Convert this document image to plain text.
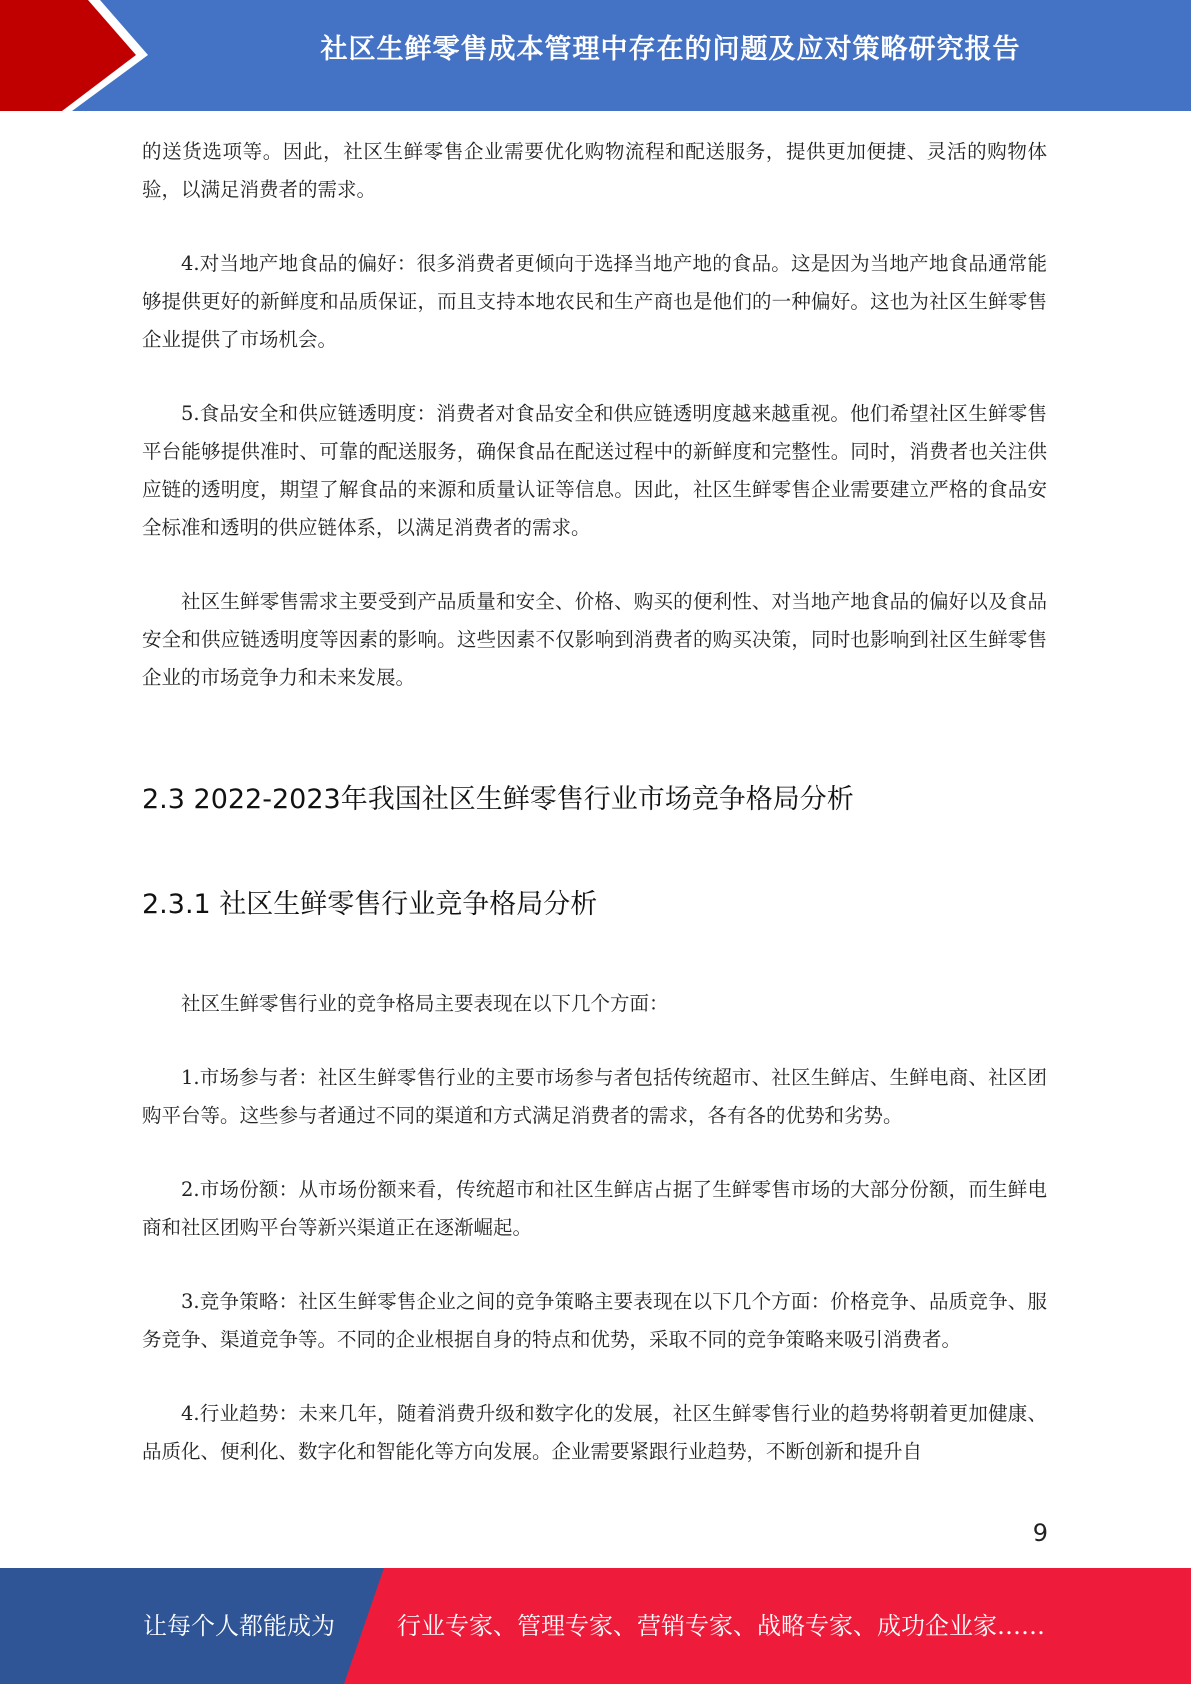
社区生鲜零售成本管理中存在的问题及应对策略研究报告

的送货选项等。因此，社区生鲜零售企业需要优化购物流程和配送服务，提供更加便捷、灵活的购物体验，以满足消费者的需求。

4.对当地产地食品的偏好：很多消费者更倾向于选择当地产地的食品。这是因为当地产地食品通常能够提供更好的新鲜度和品质保证，而且支持本地农民和生产商也是他们的一种偏好。这也为社区生鲜零售企业提供了市场机会。

5.食品安全和供应链透明度：消费者对食品安全和供应链透明度越来越重视。他们希望社区生鲜零售平台能够提供准时、可靠的配送服务，确保食品在配送过程中的新鲜度和完整性。同时，消费者也关注供应链的透明度，期望了解食品的来源和质量认证等信息。因此，社区生鲜零售企业需要建立严格的食品安全标准和透明的供应链体系，以满足消费者的需求。

社区生鲜零售需求主要受到产品质量和安全、价格、购买的便利性、对当地产地食品的偏好以及食品安全和供应链透明度等因素的影响。这些因素不仅影响到消费者的购买决策，同时也影响到社区生鲜零售企业的市场竞争力和未来发展。

2.3 2022-2023年我国社区生鲜零售行业市场竞争格局分析
2.3.1 社区生鲜零售行业竞争格局分析

社区生鲜零售行业的竞争格局主要表现在以下几个方面：

1.市场参与者：社区生鲜零售行业的主要市场参与者包括传统超市、社区生鲜店、生鲜电商、社区团购平台等。这些参与者通过不同的渠道和方式满足消费者的需求，各有各的优势和劣势。

2.市场份额：从市场份额来看，传统超市和社区生鲜店占据了生鲜零售市场的大部分份额，而生鲜电商和社区团购平台等新兴渠道正在逐渐崛起。

3.竞争策略：社区生鲜零售企业之间的竞争策略主要表现在以下几个方面：价格竞争、品质竞争、服务竞争、渠道竞争等。不同的企业根据自身的特点和优势，采取不同的竞争策略来吸引消费者。

4.行业趋势：未来几年，随着消费升级和数字化的发展，社区生鲜零售行业的趋势将朝着更加健康、品质化、便利化、数字化和智能化等方向发展。企业需要紧跟行业趋势，不断创新和提升自

9
让每个人都能成为	行业专家、管理专家、营销专家、战略专家、成功企业家……
